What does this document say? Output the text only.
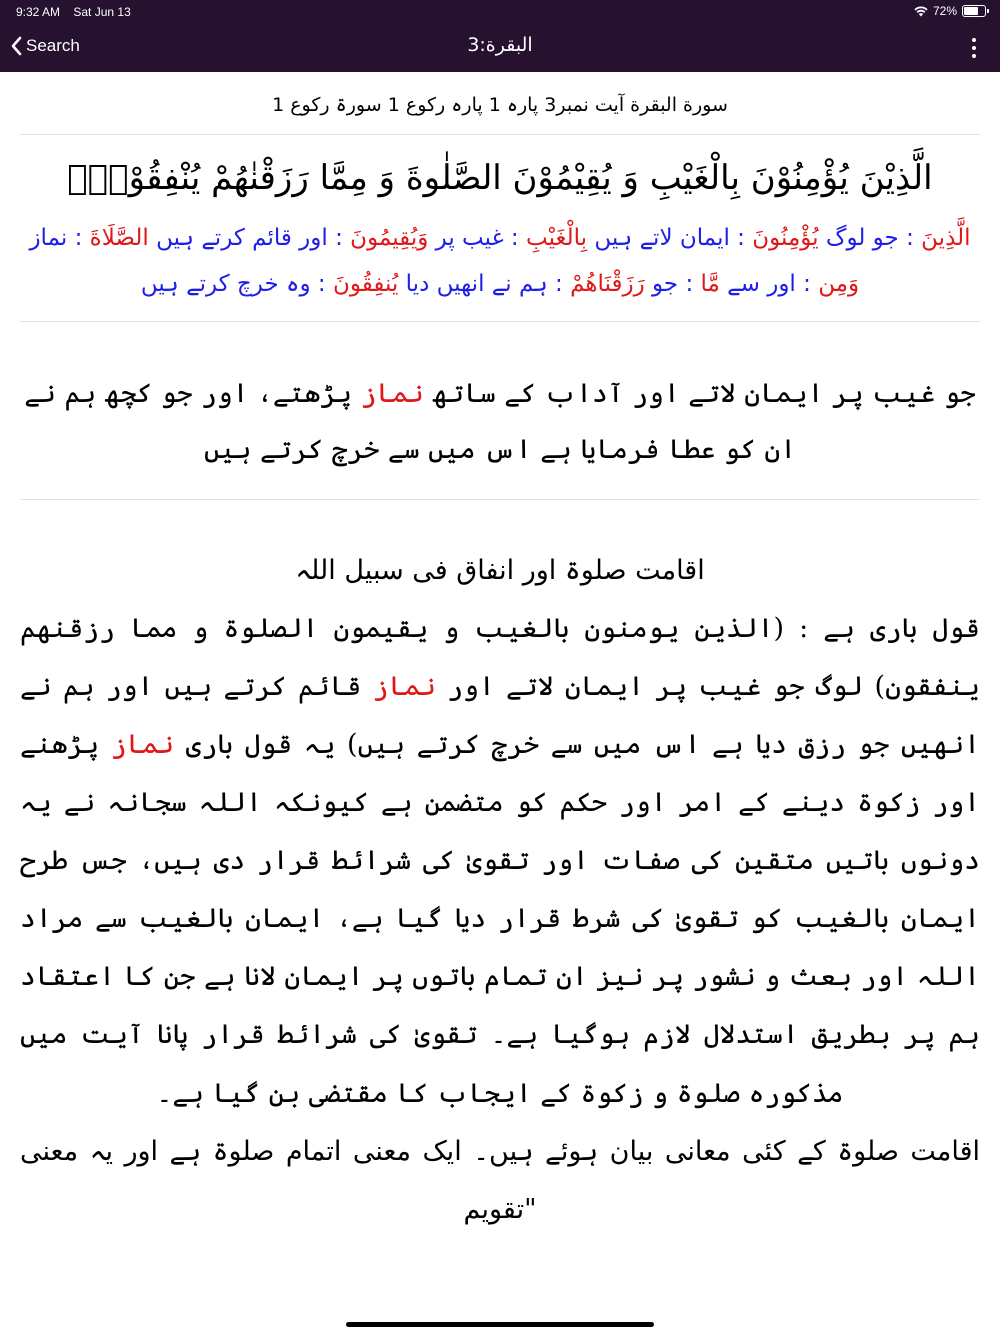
9:32 AM Sat Jun 13	72%
Search	البقرة:3
سورة البقرة آیت نمبر3 پارہ 1 پارہ رکوع 1 سورۃ رکوع 1
الَّذِیْنَ یُؤْمِنُوْنَ بِالْغَیْبِ وَ یُقِیْمُوْنَ الصَّلٰوةَ وَ مِمَّا رَزَقْنٰهُمْ یُنْفِقُوْنَۙ
الَّذِينَ : جو لوگ يُؤْمِنُونَ : ایمان لاتے ہیں بِالْغَيْبِ : غیب پر وَيُقِيمُونَ : اور قائم کرتے ہیں الصَّلَاةَ : نماز وَمِن : اور سے مَّا : جو رَزَقْنَاهُمْ : ہم نے انھیں دیا يُنفِقُونَ : وہ خرچ کرتے ہیں
جو غیب پر ایمان لاتے اور آداب کے ساتھ نماز پڑھتے، اور جو کچھ ہم نے ان کو عطا فرمایا ہے اس میں سے خرچ کرتے ہیں
اقامت صلوۃ اور انفاق فی سبیل اللہ

قول باری ہے : (الذین یومنون بالغیب و یقیمون الصلوۃ و مما رزقنھم ینفقون) لوگ جو غیب پر ایمان لاتے اور نماز قائم کرتے ہیں اور ہم نے انھیں جو رزق دیا ہے اس میں سے خرچ کرتے ہیں) یہ قول باری نماز پڑھنے اور زکوۃ دینے کے امر اور حکم کو متضمن ہے کیونکہ اللہ سجانہ نے یہ دونوں باتیں متقین کی صفات اور تقویٰ کی شرائط قرار دی ہیں، جس طرح ایمان بالغیب کو تقویٰ کی شرط قرار دیا گیا ہے، ایمان بالغیب سے مراد اللہ اور بعث و نشور پر نیز ان تمام باتوں پر ایمان لانا ہے جن کا اعتقاد ہم پر بطریق استدلال لازم ہوگیا ہے۔ تقویٰ کی شرائط قرار پانا آیت میں مذکورہ صلوۃ و زکوۃ کے ایجاب کا مقتضی بن گیا ہے۔

اقامت صلوۃ کے کئی معانی بیان ہوئے ہیں۔ ایک معنی اتمام صلوۃ ہے اور یہ معنی "تقویم
